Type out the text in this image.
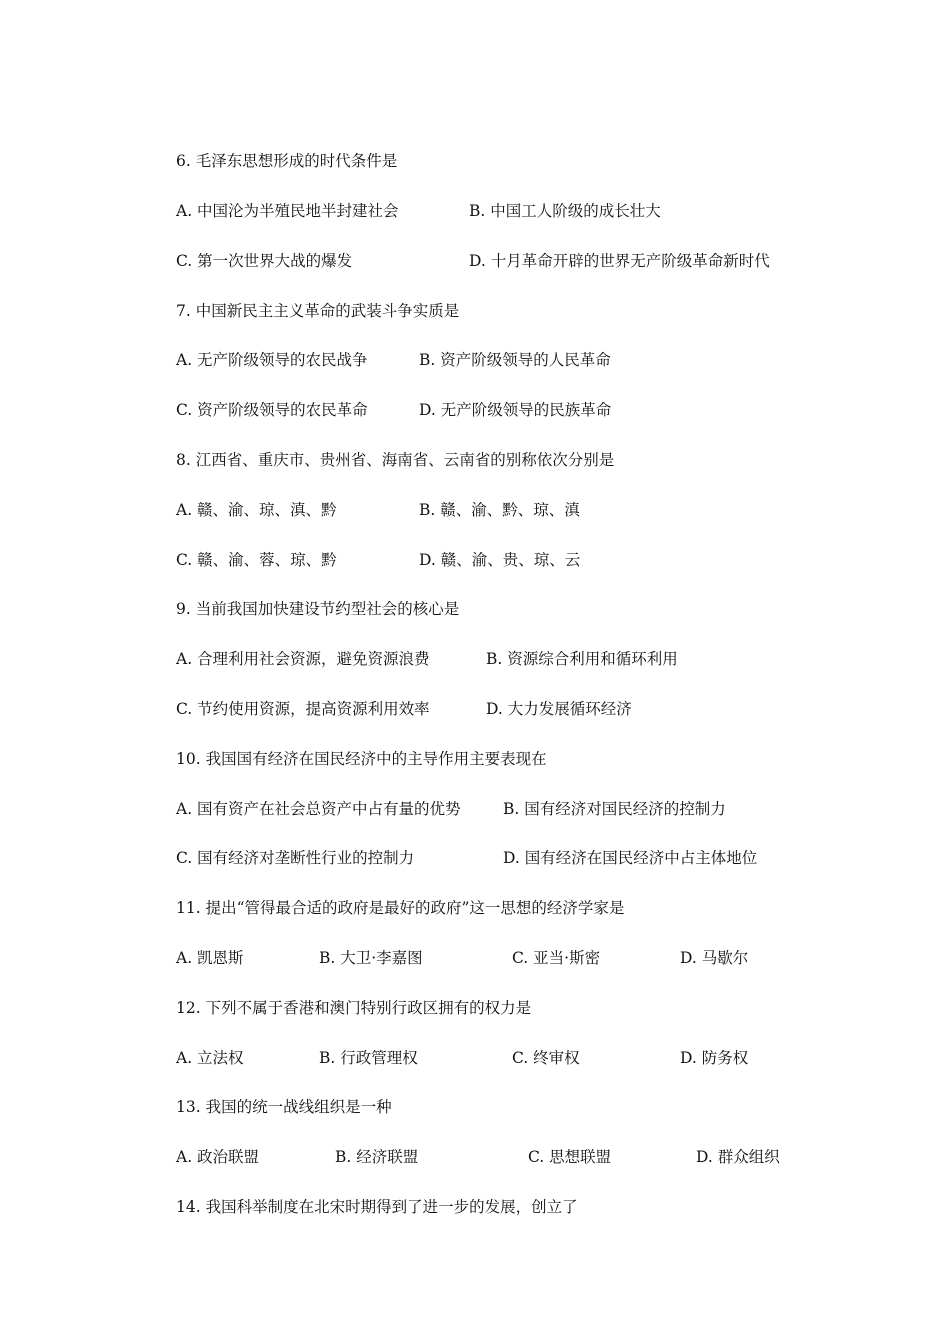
6. 毛泽东思想形成的时代条件是
A. 中国沦为半殖民地半封建社会	B. 中国工人阶级的成长壮大
C. 第一次世界大战的爆发	D. 十月革命开辟的世界无产阶级革命新时代
7. 中国新民主主义革命的武装斗争实质是
A. 无产阶级领导的农民战争	B. 资产阶级领导的人民革命
C. 资产阶级领导的农民革命	D. 无产阶级领导的民族革命
8. 江西省、重庆市、贵州省、海南省、云南省的别称依次分别是
A. 赣、渝、琼、滇、黔	B. 赣、渝、黔、琼、滇
C. 赣、渝、蓉、琼、黔	D. 赣、渝、贵、琼、云
9. 当前我国加快建设节约型社会的核心是
A. 合理利用社会资源，避免资源浪费	B. 资源综合利用和循环利用
C. 节约使用资源，提高资源利用效率	D. 大力发展循环经济
10. 我国国有经济在国民经济中的主导作用主要表现在
A. 国有资产在社会总资产中占有量的优势	B. 国有经济对国民经济的控制力
C. 国有经济对垄断性行业的控制力	D. 国有经济在国民经济中占主体地位
11. 提出“管得最合适的政府是最好的政府”这一思想的经济学家是
A. 凯恩斯	B. 大卫·李嘉图	C. 亚当·斯密	D. 马歇尔
12. 下列不属于香港和澳门特别行政区拥有的权力是
A. 立法权	B. 行政管理权	C. 终审权	D. 防务权
13. 我国的统一战线组织是一种
A. 政治联盟	B. 经济联盟	C. 思想联盟	D. 群众组织
14. 我国科举制度在北宋时期得到了进一步的发展，创立了
